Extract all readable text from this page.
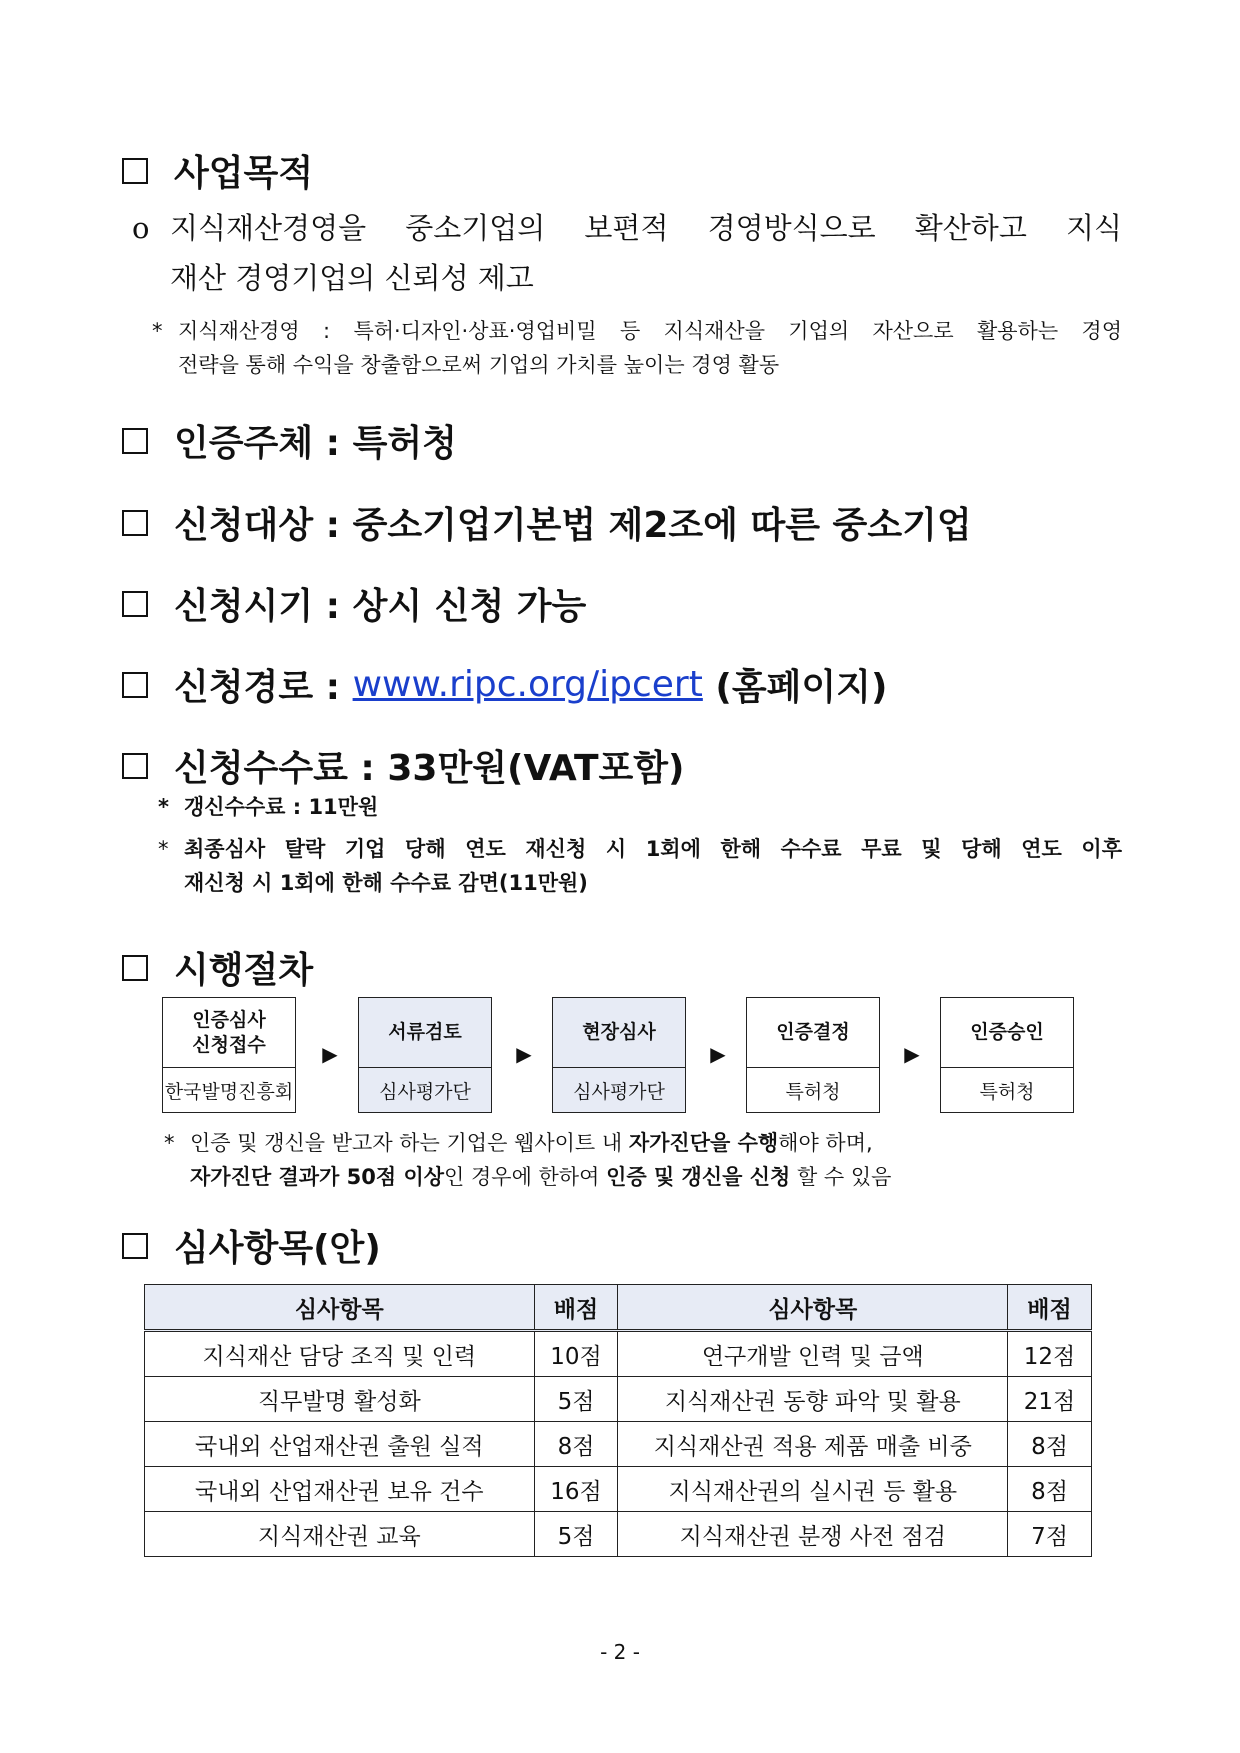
사업목적
o 지식재산경영을 중소기업의 보편적 경영방식으로 확산하고 지식
재산 경영기업의 신뢰성 제고
* 지식재산경영 : 특허·디자인·상표·영업비밀 등 지식재산을 기업의 자산으로 활용하는 경영
전략을 통해 수익을 창출함으로써 기업의 가치를 높이는 경영 활동
인증주체 :
특허청
신청대상 :
중소기업기본법 제2조에 따른 중소기업
신청시기 :
상시 신청 가능
신청경로 :
www.ripc.org/ipcert
(홈페이지)
신청수수료 :
33만원(VAT포함)
* 갱신수수료 : 11만원
* 최종심사 탈락 기업 당해 연도 재신청 시 1회에 한해 수수료 무료 및 당해 연도 이후
재신청 시 1회에 한해 수수료 감면(11만원)
시행절차
인증심사 신청접수
한국발명진흥회
▶
서류검토
심사평가단
▶
현장심사
심사평가단
▶
인증결정
특허청
▶
인증승인
특허청
* 인증 및 갱신을 받고자 하는 기업은 웹사이트 내 자가진단을 수행해야 하며,
자가진단 결과가 50점 이상인 경우에 한하여 인증 및 갱신을 신청 할 수 있음
심사항목(안)
심사항목	배점	심사항목	배점
지식재산 담당 조직 및 인력	10점	연구개발 인력 및 금액	12점
직무발명 활성화	5점	지식재산권 동향 파악 및 활용	21점
국내외 산업재산권 출원 실적	8점	지식재산권 적용 제품 매출 비중	8점
국내외 산업재산권 보유 건수	16점	지식재산권의 실시권 등 활용	8점
지식재산권 교육	5점	지식재산권 분쟁 사전 점검	7점
- 2 -
